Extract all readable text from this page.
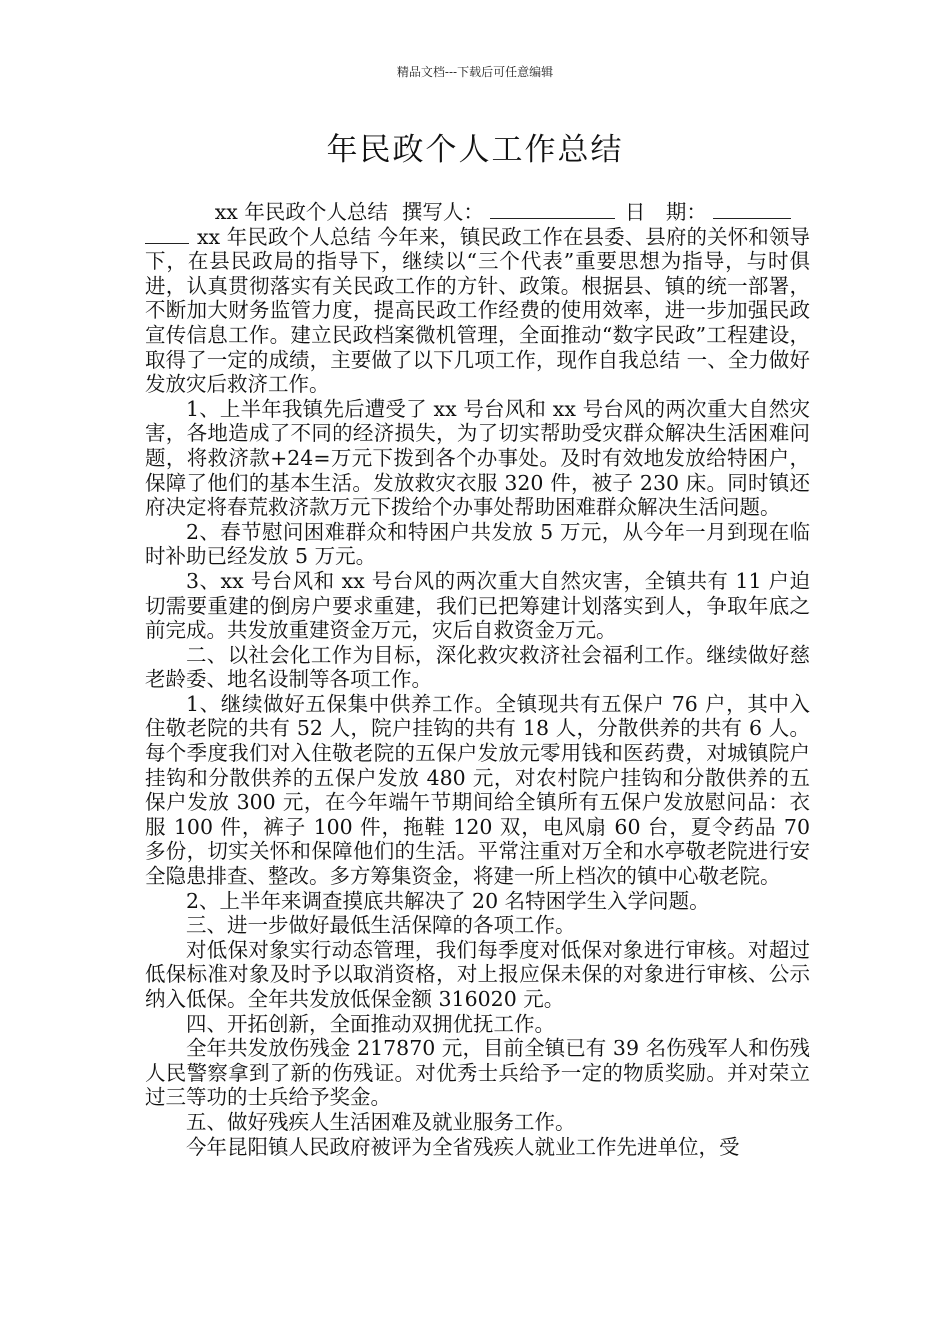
精品文档---下载后可任意编辑
年民政个人工作总结

xx 年民政个人总结 撰写人：	日　期：

xx 年民政个人总结 今年来，镇民政工作在县委、县府的关怀和领导下，在县民政局的指导下，继续以“三个代表”重要思想为指导，与时俱进，认真贯彻落实有关民政工作的方针、政策。根据县、镇的统一部署，不断加大财务监管力度，提高民政工作经费的使用效率，进一步加强民政宣传信息工作。建立民政档案微机管理，全面推动“数字民政”工程建设，取得了一定的成绩，主要做了以下几项工作，现作自我总结 一、全力做好发放灾后救济工作。

1、上半年我镇先后遭受了 xx 号台风和 xx 号台风的两次重大自然灾害，各地造成了不同的经济损失，为了切实帮助受灾群众解决生活困难问题，将救济款+24=万元下拨到各个办事处。及时有效地发放给特困户，保障了他们的基本生活。发放救灾衣服 320 件，被子 230 床。同时镇还府决定将春荒救济款万元下拨给个办事处帮助困难群众解决生活问题。

2、春节慰问困难群众和特困户共发放 5 万元，从今年一月到现在临时补助已经发放 5 万元。

3、xx 号台风和 xx 号台风的两次重大自然灾害，全镇共有 11 户迫切需要重建的倒房户要求重建，我们已把筹建计划落实到人，争取年底之前完成。共发放重建资金万元，灾后自救资金万元。

二、以社会化工作为目标，深化救灾救济社会福利工作。继续做好慈老龄委、地名设制等各项工作。

1、继续做好五保集中供养工作。全镇现共有五保户 76 户，其中入住敬老院的共有 52 人，院户挂钩的共有 18 人，分散供养的共有 6 人。每个季度我们对入住敬老院的五保户发放元零用钱和医药费，对城镇院户挂钩和分散供养的五保户发放 480 元，对农村院户挂钩和分散供养的五保户发放 300 元，在今年端午节期间给全镇所有五保户发放慰问品：衣服 100 件，裤子 100 件，拖鞋 120 双，电风扇 60 台，夏令药品 70 多份，切实关怀和保障他们的生活。平常注重对万全和水亭敬老院进行安全隐患排查、整改。多方筹集资金，将建一所上档次的镇中心敬老院。

2、上半年来调查摸底共解决了 20 名特困学生入学问题。

三、进一步做好最低生活保障的各项工作。

对低保对象实行动态管理，我们每季度对低保对象进行审核。对超过低保标准对象及时予以取消资格，对上报应保未保的对象进行审核、公示纳入低保。全年共发放低保金额 316020 元。

四、开拓创新，全面推动双拥优抚工作。

全年共发放伤残金 217870 元，目前全镇已有 39 名伤残军人和伤残人民警察拿到了新的伤残证。对优秀士兵给予一定的物质奖励。并对荣立过三等功的士兵给予奖金。

五、做好残疾人生活困难及就业服务工作。

今年昆阳镇人民政府被评为全省残疾人就业工作先进单位，受
